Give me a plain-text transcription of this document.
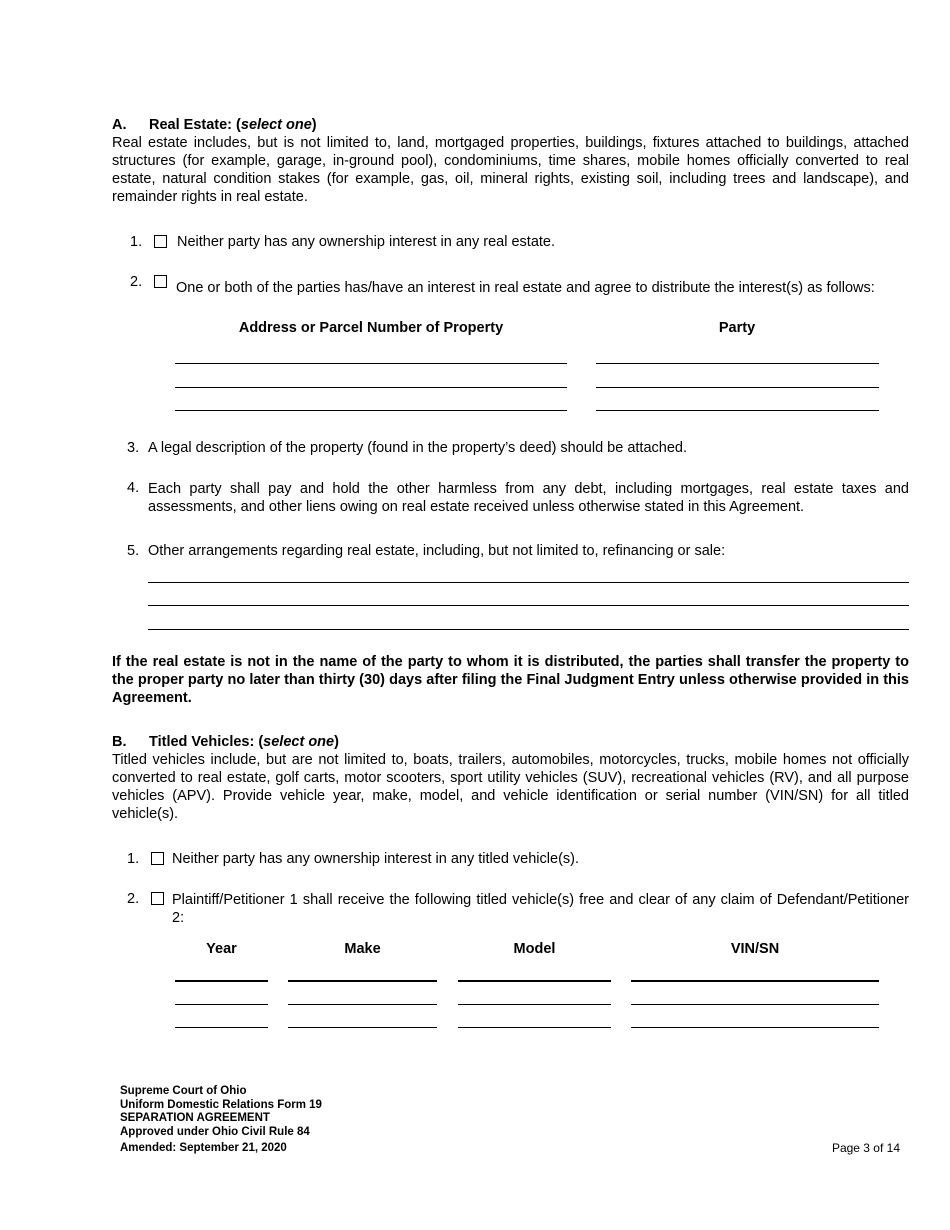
A. Real Estate: (select one)
Real estate includes, but is not limited to, land, mortgaged properties, buildings, fixtures attached to buildings, attached structures (for example, garage, in-ground pool), condominiums, time shares, mobile homes officially converted to real estate, natural condition stakes (for example, gas, oil, mineral rights, existing soil, including trees and landscape), and remainder rights in real estate.
1. Neither party has any ownership interest in any real estate.
2. One or both of the parties has/have an interest in real estate and agree to distribute the interest(s) as follows:
Address or Parcel Number of Property	Party
3. A legal description of the property (found in the property’s deed) should be attached.
4. Each party shall pay and hold the other harmless from any debt, including mortgages, real estate taxes and assessments, and other liens owing on real estate received unless otherwise stated in this Agreement.
5. Other arrangements regarding real estate, including, but not limited to, refinancing or sale:
If the real estate is not in the name of the party to whom it is distributed, the parties shall transfer the property to the proper party no later than thirty (30) days after filing the Final Judgment Entry unless otherwise provided in this Agreement.
B. Titled Vehicles: (select one)
Titled vehicles include, but are not limited to, boats, trailers, automobiles, motorcycles, trucks, mobile homes not officially converted to real estate, golf carts, motor scooters, sport utility vehicles (SUV), recreational vehicles (RV), and all purpose vehicles (APV). Provide vehicle year, make, model, and vehicle identification or serial number (VIN/SN) for all titled vehicle(s).
1. Neither party has any ownership interest in any titled vehicle(s).
2. Plaintiff/Petitioner 1 shall receive the following titled vehicle(s) free and clear of any claim of Defendant/Petitioner 2:
Year	Make	Model	VIN/SN
Supreme Court of Ohio
Uniform Domestic Relations Form 19
SEPARATION AGREEMENT
Approved under Ohio Civil Rule 84
Amended: September 21, 2020	Page 3 of 14
